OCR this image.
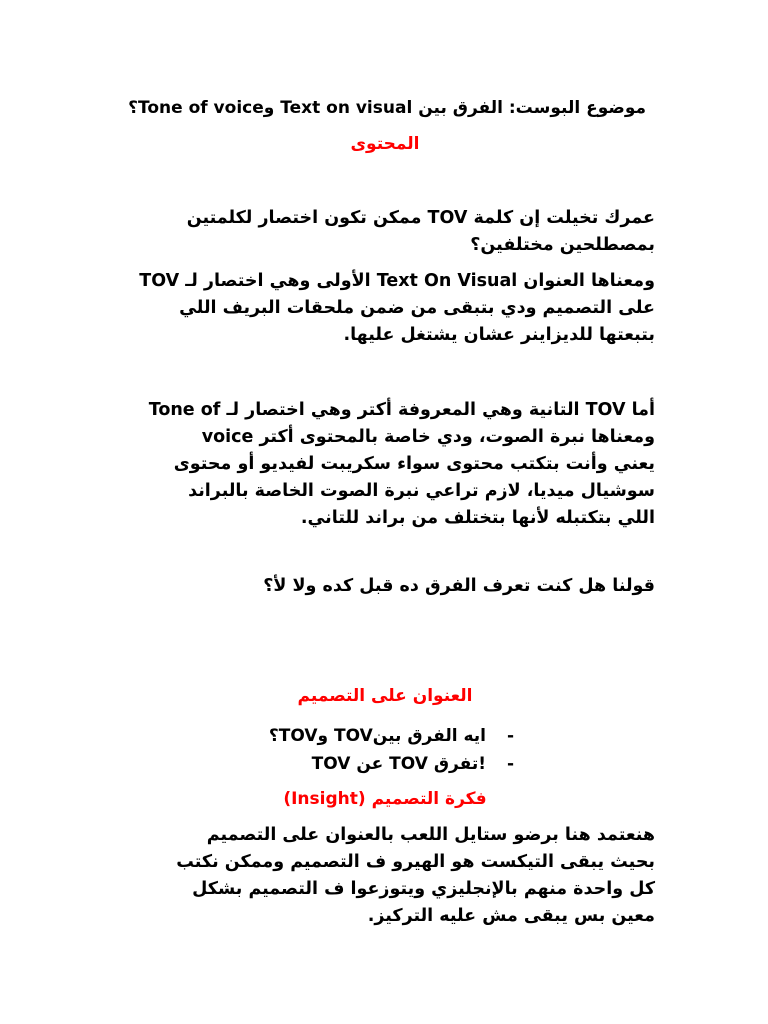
موضوع البوست: الفرق بين Text on visual وTone of voice؟
المحتوى
عمرك تخيلت إن كلمة TOV ممكن تكون اختصار لكلمتين
بمصطلحين مختلفين؟
TOV الأولى وهي اختصار لـ Text On Visual ومعناها العنوان
على التصميم ودي بتبقى من ضمن ملحقات البريف اللي
بتبعتها للديزاينر عشان يشتغل عليها.
أما TOV التانية وهي المعروفة أكتر وهي اختصار لـ Tone of
voice ومعناها نبرة الصوت، ودي خاصة بالمحتوى أكتر
يعني وأنت بتكتب محتوى سواء سكريبت لفيديو أو محتوى
سوشيال ميديا، لازم تراعي نبرة الصوت الخاصة بالبراند
اللي بتكتبله لأنها بتختلف من براند للتاني.
قولنا هل كنت تعرف الفرق ده قبل كده ولا لأ؟
العنوان على التصميم
-
ايه الفرق بينTOV وTOV؟
-
TOV عن TOV تفرق!
فكرة التصميم (Insight)
هنعتمد هنا برضو ستايل اللعب بالعنوان على التصميم
بحيث يبقى التيكست هو الهيرو ف التصميم وممكن نكتب
كل واحدة منهم بالإنجليزي ويتوزعوا ف التصميم بشكل
معين بس يبقى مش عليه التركيز.
